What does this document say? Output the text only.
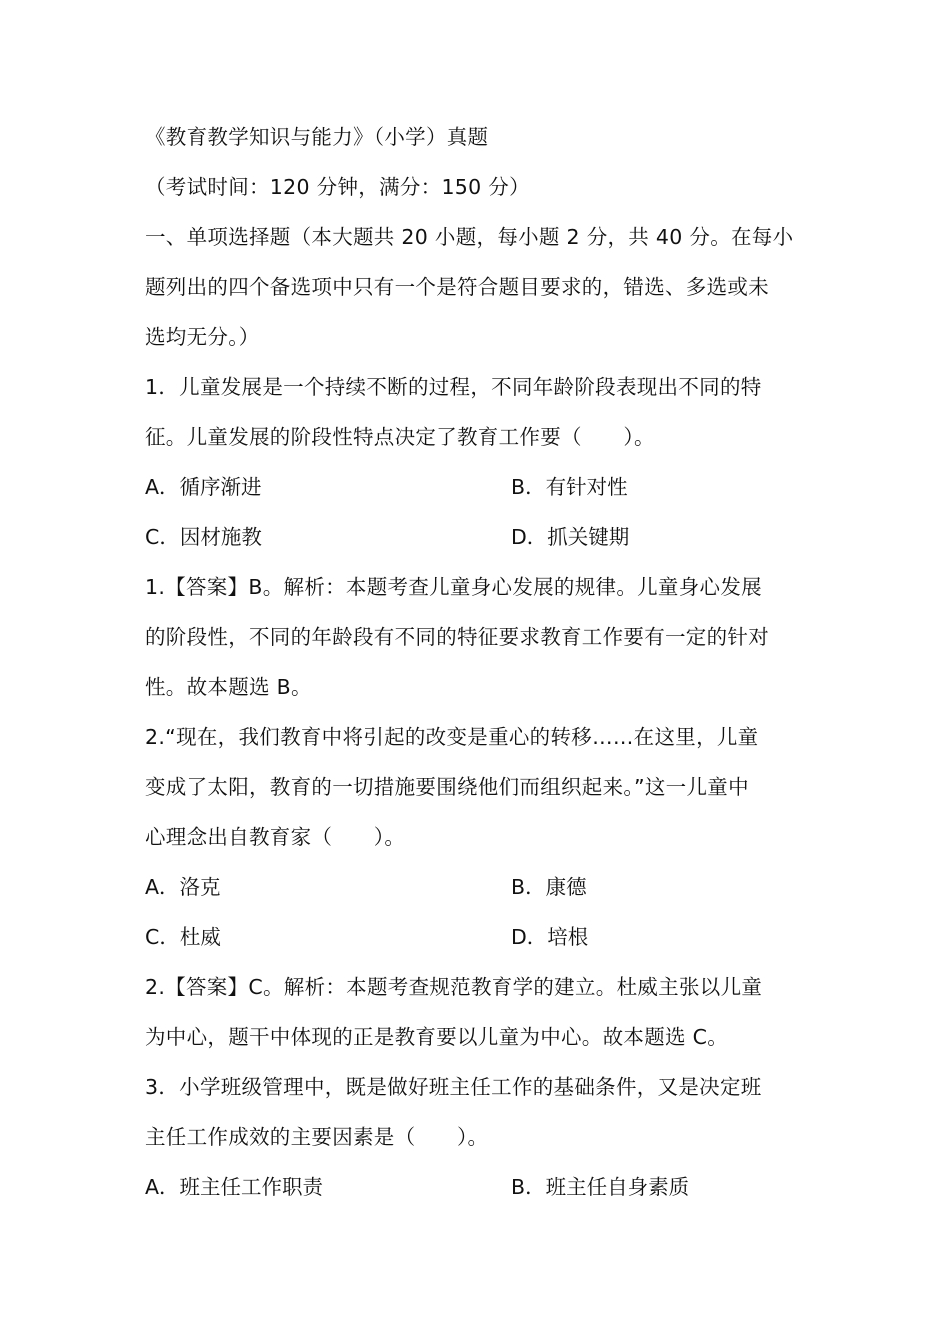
《教育教学知识与能力》（小学）真题
（考试时间：120 分钟，满分：150 分）
一、单项选择题（本大题共 20 小题，每小题 2 分，共 40 分。在每小
题列出的四个备选项中只有一个是符合题目要求的，错选、多选或未
选均无分。）
1．儿童发展是一个持续不断的过程，不同年龄阶段表现出不同的特
征。儿童发展的阶段性特点决定了教育工作要（　　）。
A．循序渐进	B．有针对性
C．因材施教	D．抓关键期
1.【答案】B。解析：本题考查儿童身心发展的规律。儿童身心发展
的阶段性，不同的年龄段有不同的特征要求教育工作要有一定的针对
性。故本题选 B。
2.“现在，我们教育中将引起的改变是重心的转移……在这里，儿童
变成了太阳，教育的一切措施要围绕他们而组织起来。”这一儿童中
心理念出自教育家（　　）。
A．洛克	B．康德
C．杜威	D．培根
2.【答案】C。解析：本题考查规范教育学的建立。杜威主张以儿童
为中心，题干中体现的正是教育要以儿童为中心。故本题选 C。
3．小学班级管理中，既是做好班主任工作的基础条件，又是决定班
主任工作成效的主要因素是（　　）。
A．班主任工作职责	B．班主任自身素质
